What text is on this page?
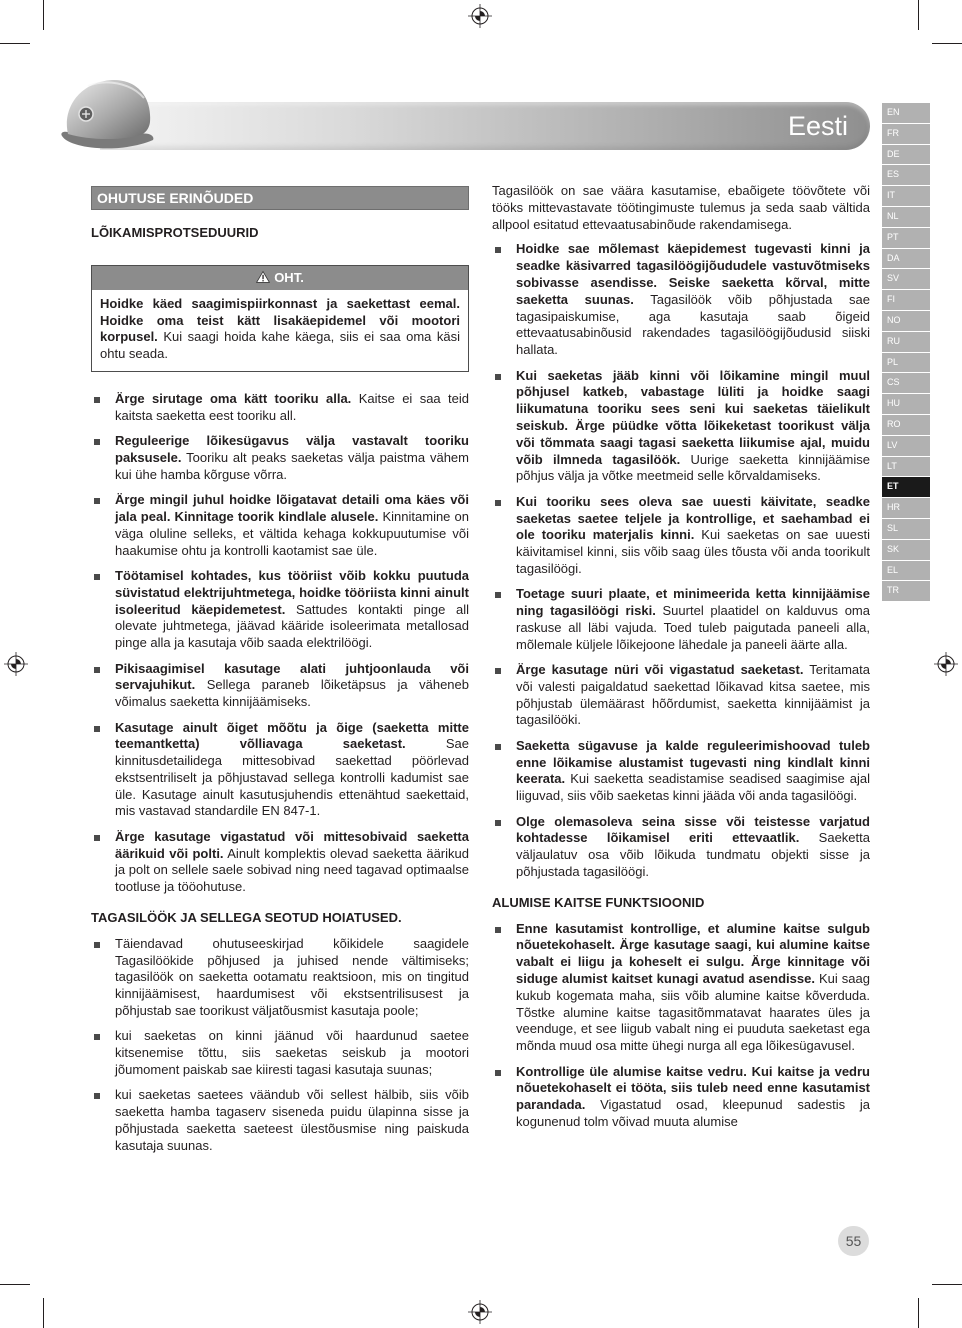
Eesti	EN
FR
DE
ES
IT
NL
PT
DA
SV
FI
NO
RU
PL
CS
HU
RO
LV
LT
ET
HR
SL
SK
EL
TR
OHUTUSE ERINÕUDED
LÕIKAMISPROTSEDUURID
OHT.
Hoidke käed saagimispiirkonnast ja saekettast eemal. Hoidke oma teist kätt lisakäepidemel või mootori korpusel. Kui saagi hoida kahe käega, siis ei saa oma käsi ohtu seada.
Ärge sirutage oma kätt tooriku alla. Kaitse ei saa teid kaitsta saeketta eest tooriku all.
Reguleerige lõikesügavus välja vastavalt tooriku paksusele. Tooriku alt peaks saeketas välja paistma vähem kui ühe hamba kõrguse võrra.
Ärge mingil juhul hoidke lõigatavat detaili oma käes või jala peal. Kinnitage toorik kindlale alusele. Kinnitamine on väga oluline selleks, et vältida kehaga kokkupuutumise või haakumise ohtu ja kontrolli kaotamist sae üle.
Töötamisel kohtades, kus tööriist võib kokku puutuda süvistatud elektrijuhtmetega, hoidke tööriista kinni ainult isoleeritud käepidemetest. Sattudes kontakti pinge all olevate juhtmetega, jäävad kääride isoleerimata metallosad pinge alla ja kasutaja võib saada elektrilöögi.
Pikisaagimisel kasutage alati juhtjoonlauda või servajuhikut. Sellega paraneb lõiketäpsus ja väheneb võimalus saeketta kinnijäämiseks.
Kasutage ainult õiget mõõtu ja õige (saeketta mitte teemantketta) võlliavaga saeketast.	Sae kinnitusdetailidega mittesobivad saekettad pöörlevad ekstsentriliselt ja põhjustavad sellega kontrolli kadumist sae üle. Kasutage ainult kasutusjuhendis ettenähtud saekettaid, mis vastavad standardile EN 847-1.
Ärge kasutage vigastatud või mittesobivaid saeketta äärikuid või polti. Ainult komplektis olevad saeketta äärikud ja polt on sellele saele sobivad ning need tagavad optimaalse tootluse ja tööohutuse.
TAGASILÖÖK JA SELLEGA SEOTUD HOIATUSED.
Täiendavad ohutuseeskirjad kõikidele saagidele Tagasilöökide põhjused ja juhised nende vältimiseks; tagasilöök on saeketta ootamatu reaktsioon, mis on tingitud kinnijäämisest, haardumisest või ekstsentrilisusest ja põhjustab sae toorikust väljatõusmist kasutaja poole;
kui saeketas on kinni jäänud või haardunud saetee kitsenemise tõttu, siis saeketas seiskub ja mootori jõumoment paiskab sae kiiresti tagasi kasutaja suunas;
kui saeketas saetees väändub või sellest hälbib, siis võib saeketta hamba tagaserv siseneda puidu ülapinna sisse ja põhjustada saeketta saeteest ülestõusmise ning paiskuda kasutaja suunas.

Tagasilöök on sae väära kasutamise, ebaõigete töövõtete või tööks mittevastavate töötingimuste tulemus ja seda saab vältida allpool esitatud ettevaatusabinõude rakendamisega.

Hoidke sae mõlemast käepidemest tugevasti kinni ja seadke käsivarred tagasilöögijõududele vastuvõtmiseks sobivasse asendisse. Seiske saeketta kõrval, mitte saeketta suunas. Tagasilöök võib põhjustada sae tagasipaiskumise, aga kasutaja saab õigeid ettevaatusabinõusid rakendades tagasilöögijõudusid siiski hallata.
Kui saeketas jääb kinni või lõikamine mingil muul põhjusel katkeb, vabastage lüliti ja hoidke saagi liikumatuna tooriku sees seni kui saeketas täielikult seiskub. Ärge püüdke võtta lõikeketast toorikust välja või tõmmata saagi tagasi saeketta liikumise ajal, muidu võib ilmneda tagasilöök. Uurige saeketta kinnijäämise põhjus välja ja võtke meetmeid selle kõrvaldamiseks.
Kui tooriku sees oleva sae uuesti käivitate, seadke saeketas saetee teljele ja kontrollige, et saehambad ei ole tooriku materjalis kinni. Kui saeketas on sae uuesti käivitamisel kinni, siis võib saag üles tõusta või anda toorikult tagasilöögi.
Toetage suuri plaate, et minimeerida ketta kinnijäämise ning tagasilöögi riski. Suurtel plaatidel on kalduvus oma raskuse all läbi vajuda. Toed tuleb paigutada paneeli alla, mõlemale küljele lõikejoone lähedale ja paneeli äärte alla.
Ärge kasutage nüri või vigastatud saeketast. Teritamata või valesti paigaldatud saekettad lõikavad kitsa saetee, mis põhjustab ülemäärast hõõrdumist, saeketta kinnijäämist ja tagasilööki.
Saeketta sügavuse ja kalde reguleerimishoovad tuleb enne lõikamise alustamist tugevasti ning kindlalt kinni keerata. Kui saeketta seadistamise seadised saagimise ajal liiguvad, siis võib saeketas kinni jääda või anda tagasilöögi.
Olge olemasoleva seina sisse või teistesse varjatud kohtadesse lõikamisel eriti ettevaatlik. Saeketta väljaulatuv osa võib lõikuda tundmatu objekti sisse ja põhjustada tagasilöögi.
ALUMISE KAITSE FUNKTSIOONID
Enne kasutamist kontrollige, et alumine kaitse sulgub nõuetekohaselt. Ärge kasutage saagi, kui alumine kaitse vabalt ei liigu ja koheselt ei sulgu. Ärge kinnitage või siduge alumist kaitset kunagi avatud asendisse. Kui saag kukub kogemata maha, siis võib alumine kaitse kõverduda. Tõstke alumine kaitse tagasitõmmatavat haarates üles ja veenduge, et see liigub vabalt ning ei puuduta saeketast ega mõnda muud osa mitte ühegi nurga all ega lõikesügavusel.
Kontrollige üle alumise kaitse vedru. Kui kaitse ja vedru nõuetekohaselt ei tööta, siis tuleb need enne kasutamist parandada. Vigastatud osad, kleepunud sadestis ja kogunenud tolm võivad muuta alumise
55
